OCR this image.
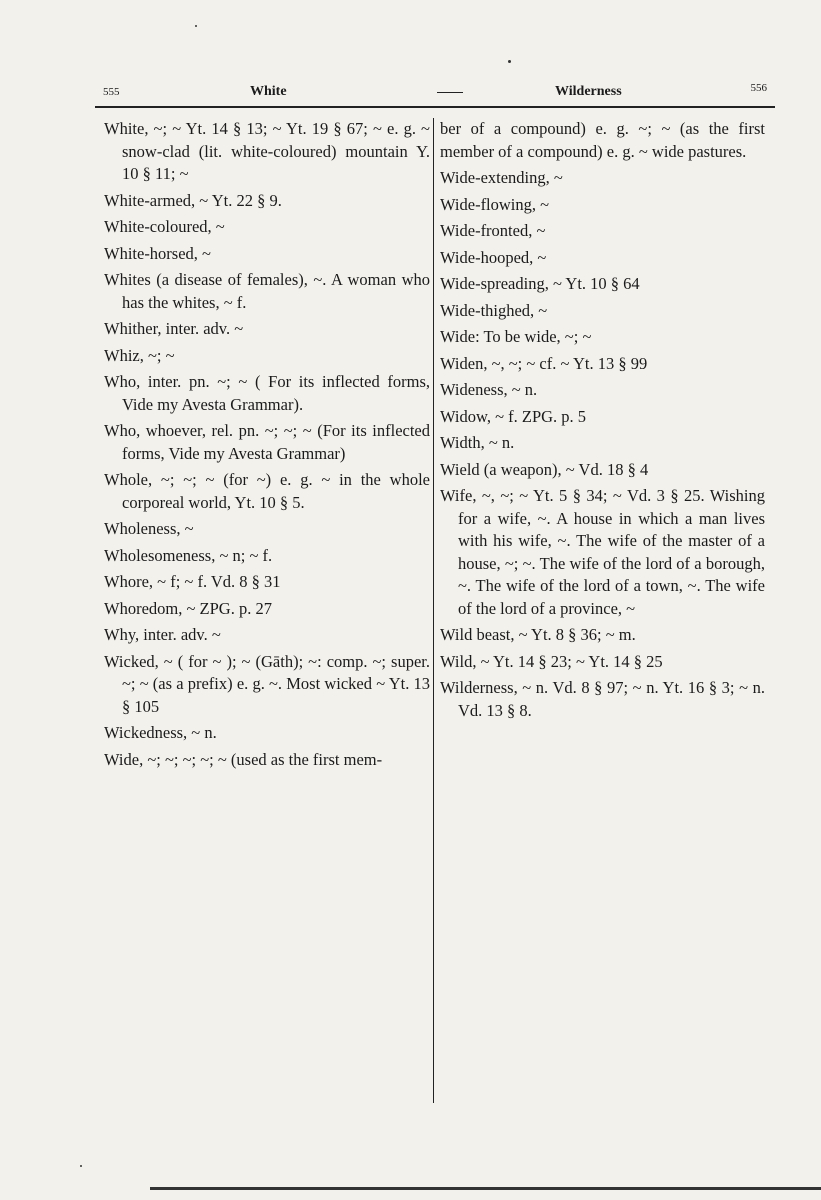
555	White	Wilderness	556

White, ~; ~ Yt. 14 § 13; ~ Yt. 19 § 67; ~ e. g. ~ snow-clad (lit. white-coloured) mountain Y. 10 § 11; ~

White-armed, ~ Yt. 22 § 9.

White-coloured, ~

White-horsed, ~

Whites (a disease of females), ~. A woman who has the whites, ~ f.

Whither, inter. adv. ~

Whiz, ~; ~

Who, inter. pn. ~; ~ ( For its inflected forms, Vide my Avesta Grammar).

Who, whoever, rel. pn. ~; ~; ~ (For its inflected forms, Vide my Avesta Grammar)

Whole, ~; ~; ~ (for ~) e. g. ~ in the whole corporeal world, Yt. 10 § 5.

Wholeness, ~

Wholesomeness, ~ n; ~ f.

Whore, ~ f; ~ f. Vd. 8 § 31

Whoredom, ~ ZPG. p. 27

Why, inter. adv. ~

Wicked, ~ ( for ~ ); ~ (Gāth); ~: comp. ~; super. ~; ~ (as a prefix) e. g. ~. Most wicked ~ Yt. 13 § 105

Wickedness, ~ n.

Wide, ~; ~; ~; ~; ~ (used as the first mem-

ber of a compound) e. g. ~; ~ (as the first member of a compound) e. g. ~ wide pastures.

Wide-extending, ~

Wide-flowing, ~

Wide-fronted, ~

Wide-hooped, ~

Wide-spreading, ~ Yt. 10 § 64

Wide-thighed, ~

Wide: To be wide, ~; ~

Widen, ~, ~; ~ cf. ~ Yt. 13 § 99

Wideness, ~ n.

Widow, ~ f. ZPG. p. 5

Width, ~ n.

Wield (a weapon), ~ Vd. 18 § 4

Wife, ~, ~; ~ Yt. 5 § 34; ~ Vd. 3 § 25. Wishing for a wife, ~. A house in which a man lives with his wife, ~. The wife of the master of a house, ~; ~. The wife of the lord of a borough, ~. The wife of the lord of a town, ~. The wife of the lord of a province, ~

Wild beast, ~ Yt. 8 § 36; ~ m.

Wild, ~ Yt. 14 § 23; ~ Yt. 14 § 25

Wilderness, ~ n. Vd. 8 § 97; ~ n. Yt. 16 § 3; ~ n. Vd. 13 § 8.
